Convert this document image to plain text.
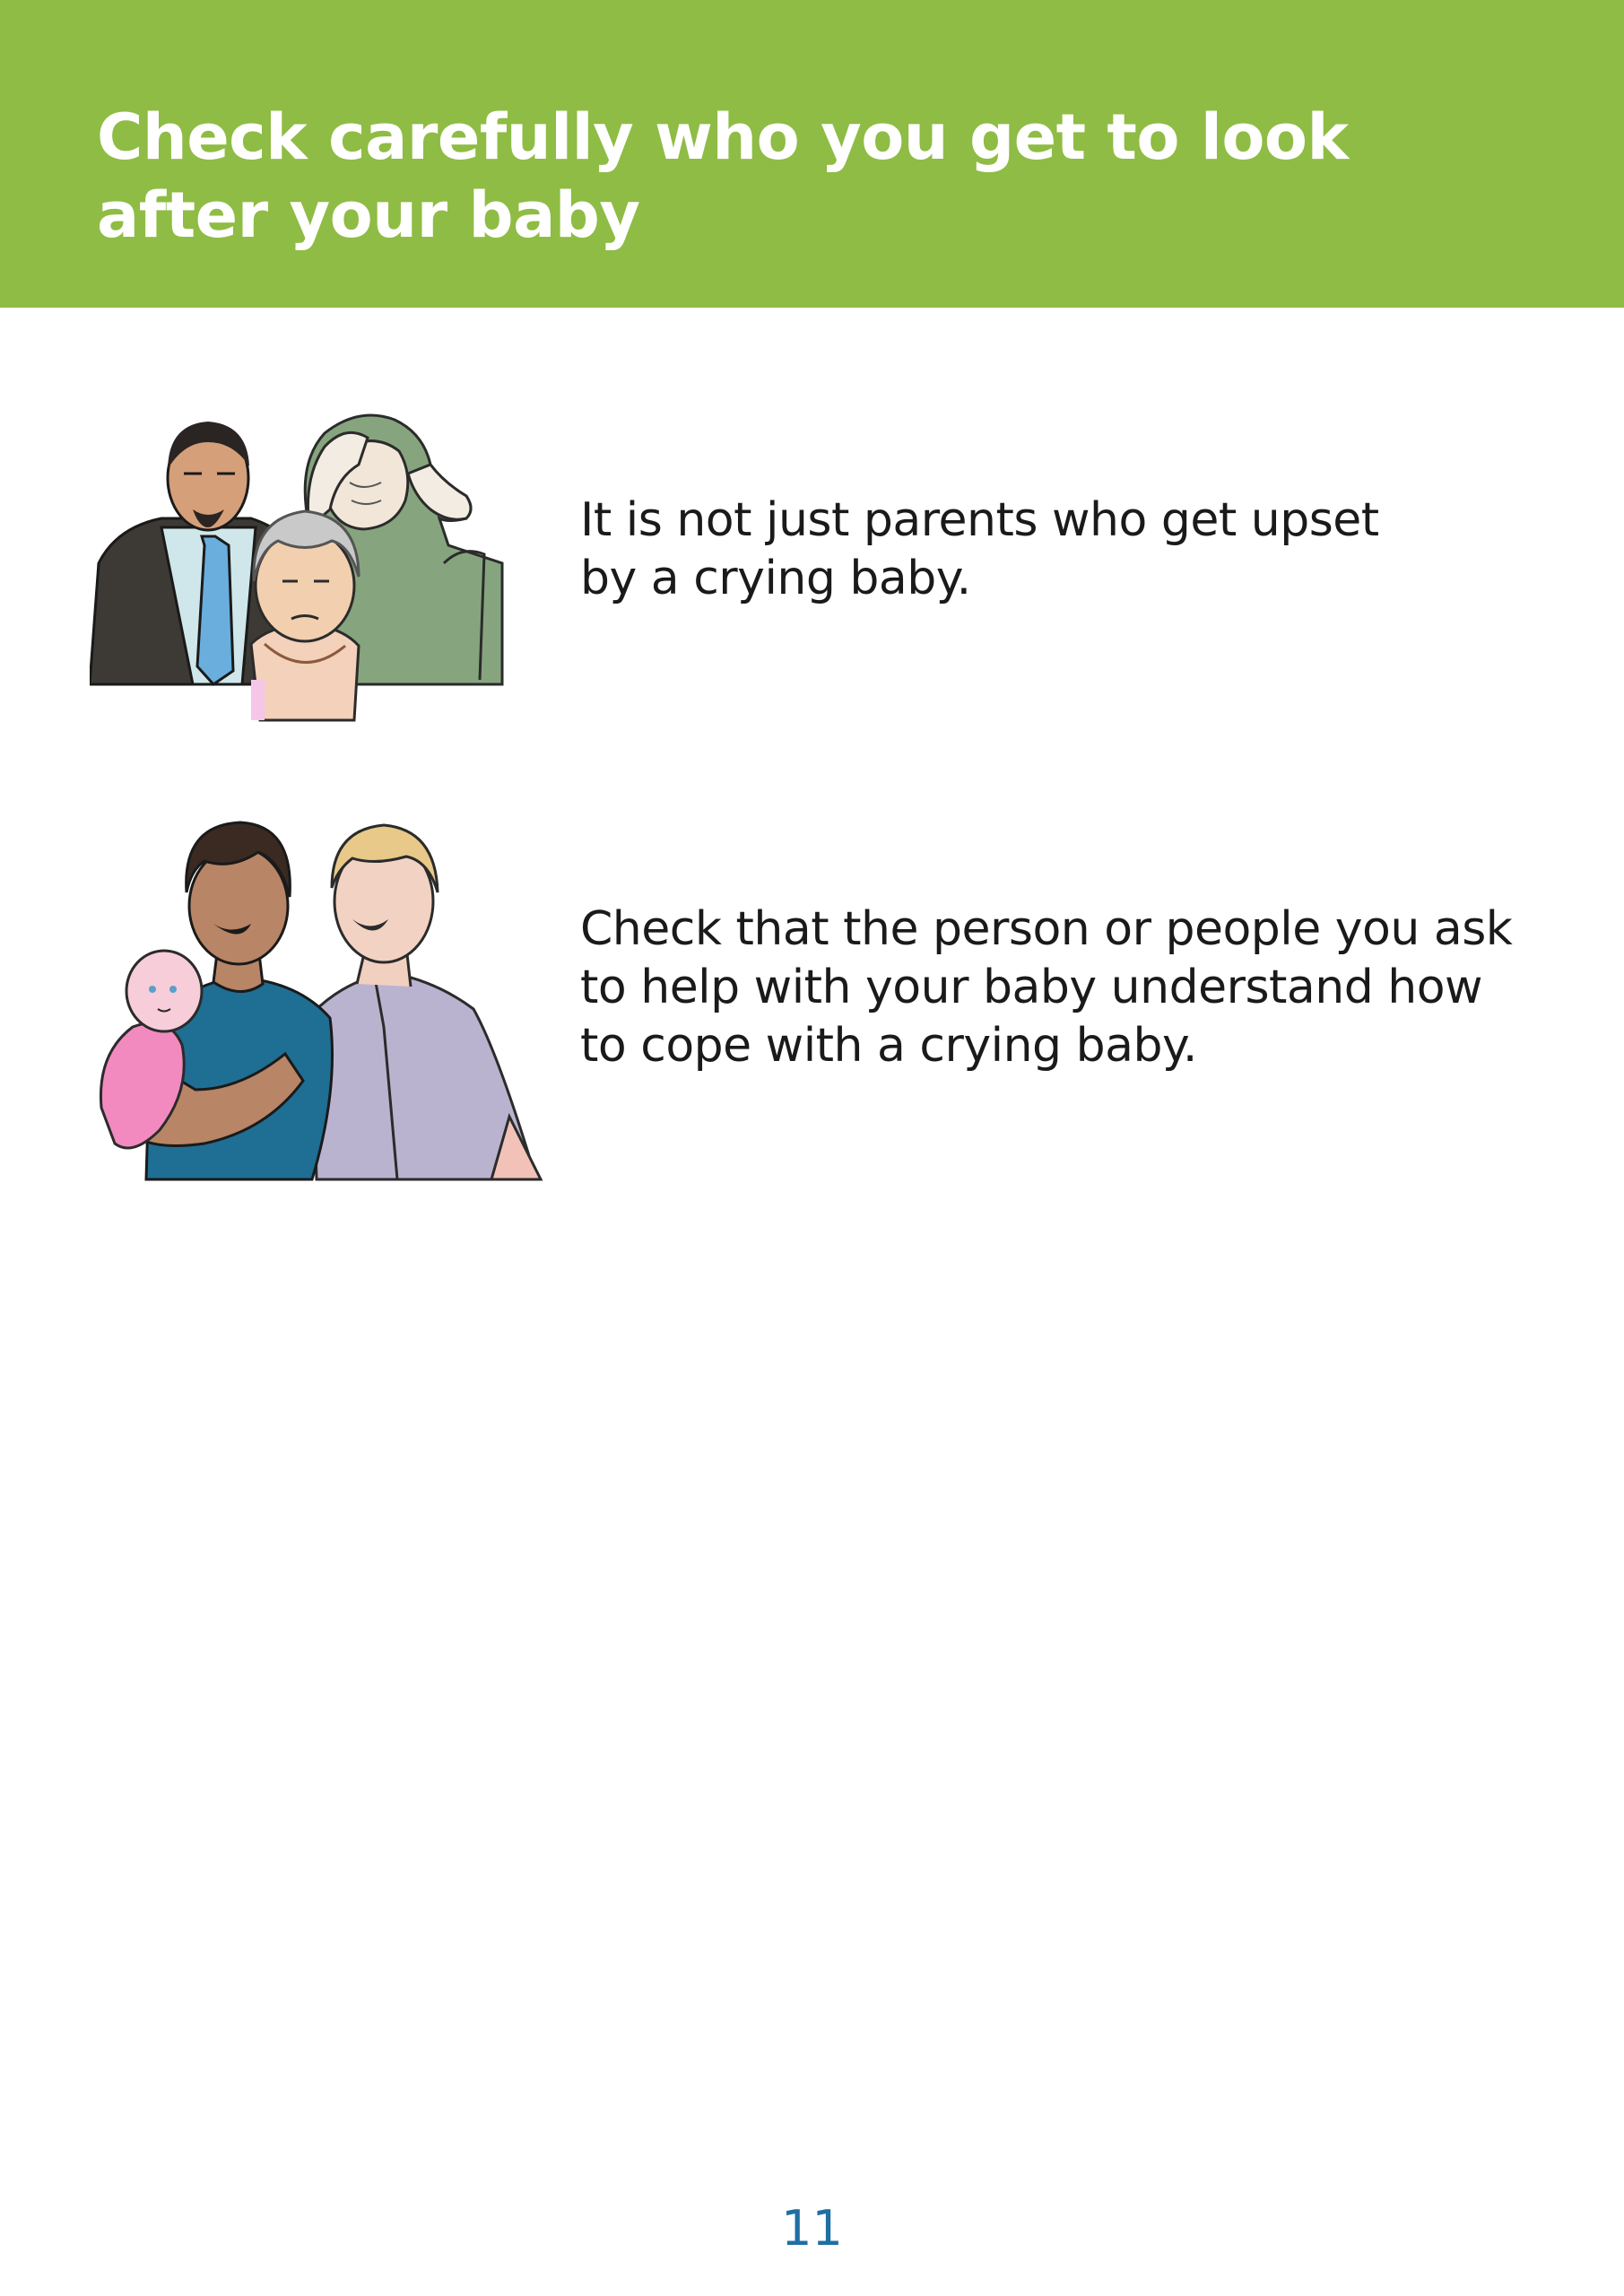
Check carefully who you get to look
after your baby

It is not just parents who get upset
by a crying baby.

Check that the person or people you ask
to help with your baby understand how
to cope with a crying baby.

11
